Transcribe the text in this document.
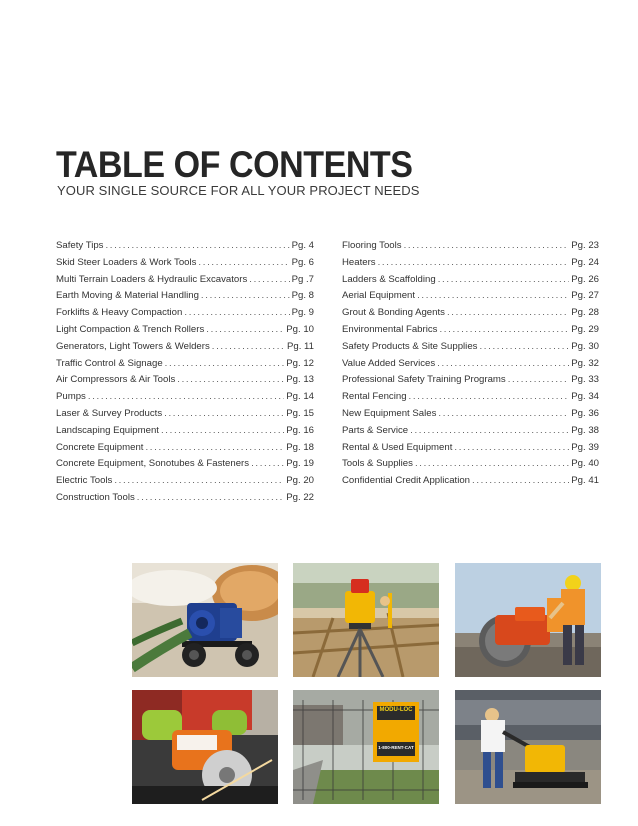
TABLE OF CONTENTS

YOUR SINGLE SOURCE FOR ALL YOUR PROJECT NEEDS

Safety Tips . . .	Pg. 4
Skid Steer Loaders & Work Tools . . .	Pg. 6
Multi Terrain Loaders & Hydraulic Excavators . . .	Pg .7
Earth Moving & Material Handling . . .	Pg. 8
Forklifts & Heavy Compaction . . .	Pg. 9
Light Compaction & Trench Rollers . . .	Pg. 10
Generators, Light Towers & Welders . . .	Pg. 11
Traffic Control & Signage . . .	Pg. 12
Air Compressors & Air Tools . . .	Pg. 13
Pumps . . .	Pg. 14
Laser & Survey Products . . .	Pg. 15
Landscaping Equipment . . .	Pg. 16
Concrete Equipment . . .	Pg. 18
Concrete Equipment, Sonotubes & Fasteners . . .	Pg. 19
Electric Tools . . .	Pg. 20
Construction Tools . . .	Pg. 22
Flooring Tools . . .	Pg. 23
Heaters . . .	Pg. 24
Ladders & Scaffolding . . .	Pg. 26
Aerial Equipment . . .	Pg. 27
Grout & Bonding Agents . . .	Pg. 28
Environmental Fabrics . . .	Pg. 29
Safety Products & Site Supplies . . .	Pg. 30
Value Added Services . . .	Pg. 32
Professional Safety Training Programs . . .	Pg. 33
Rental Fencing . . .	Pg. 34
New Equipment Sales . . .	Pg. 36
Parts & Service . . .	Pg. 38
Rental & Used Equipment . . .	Pg. 39
Tools & Supplies . . .	Pg. 40
Confidential Credit Application . . .	Pg. 41
MODU-LOC
1-800-RENT-CAT
